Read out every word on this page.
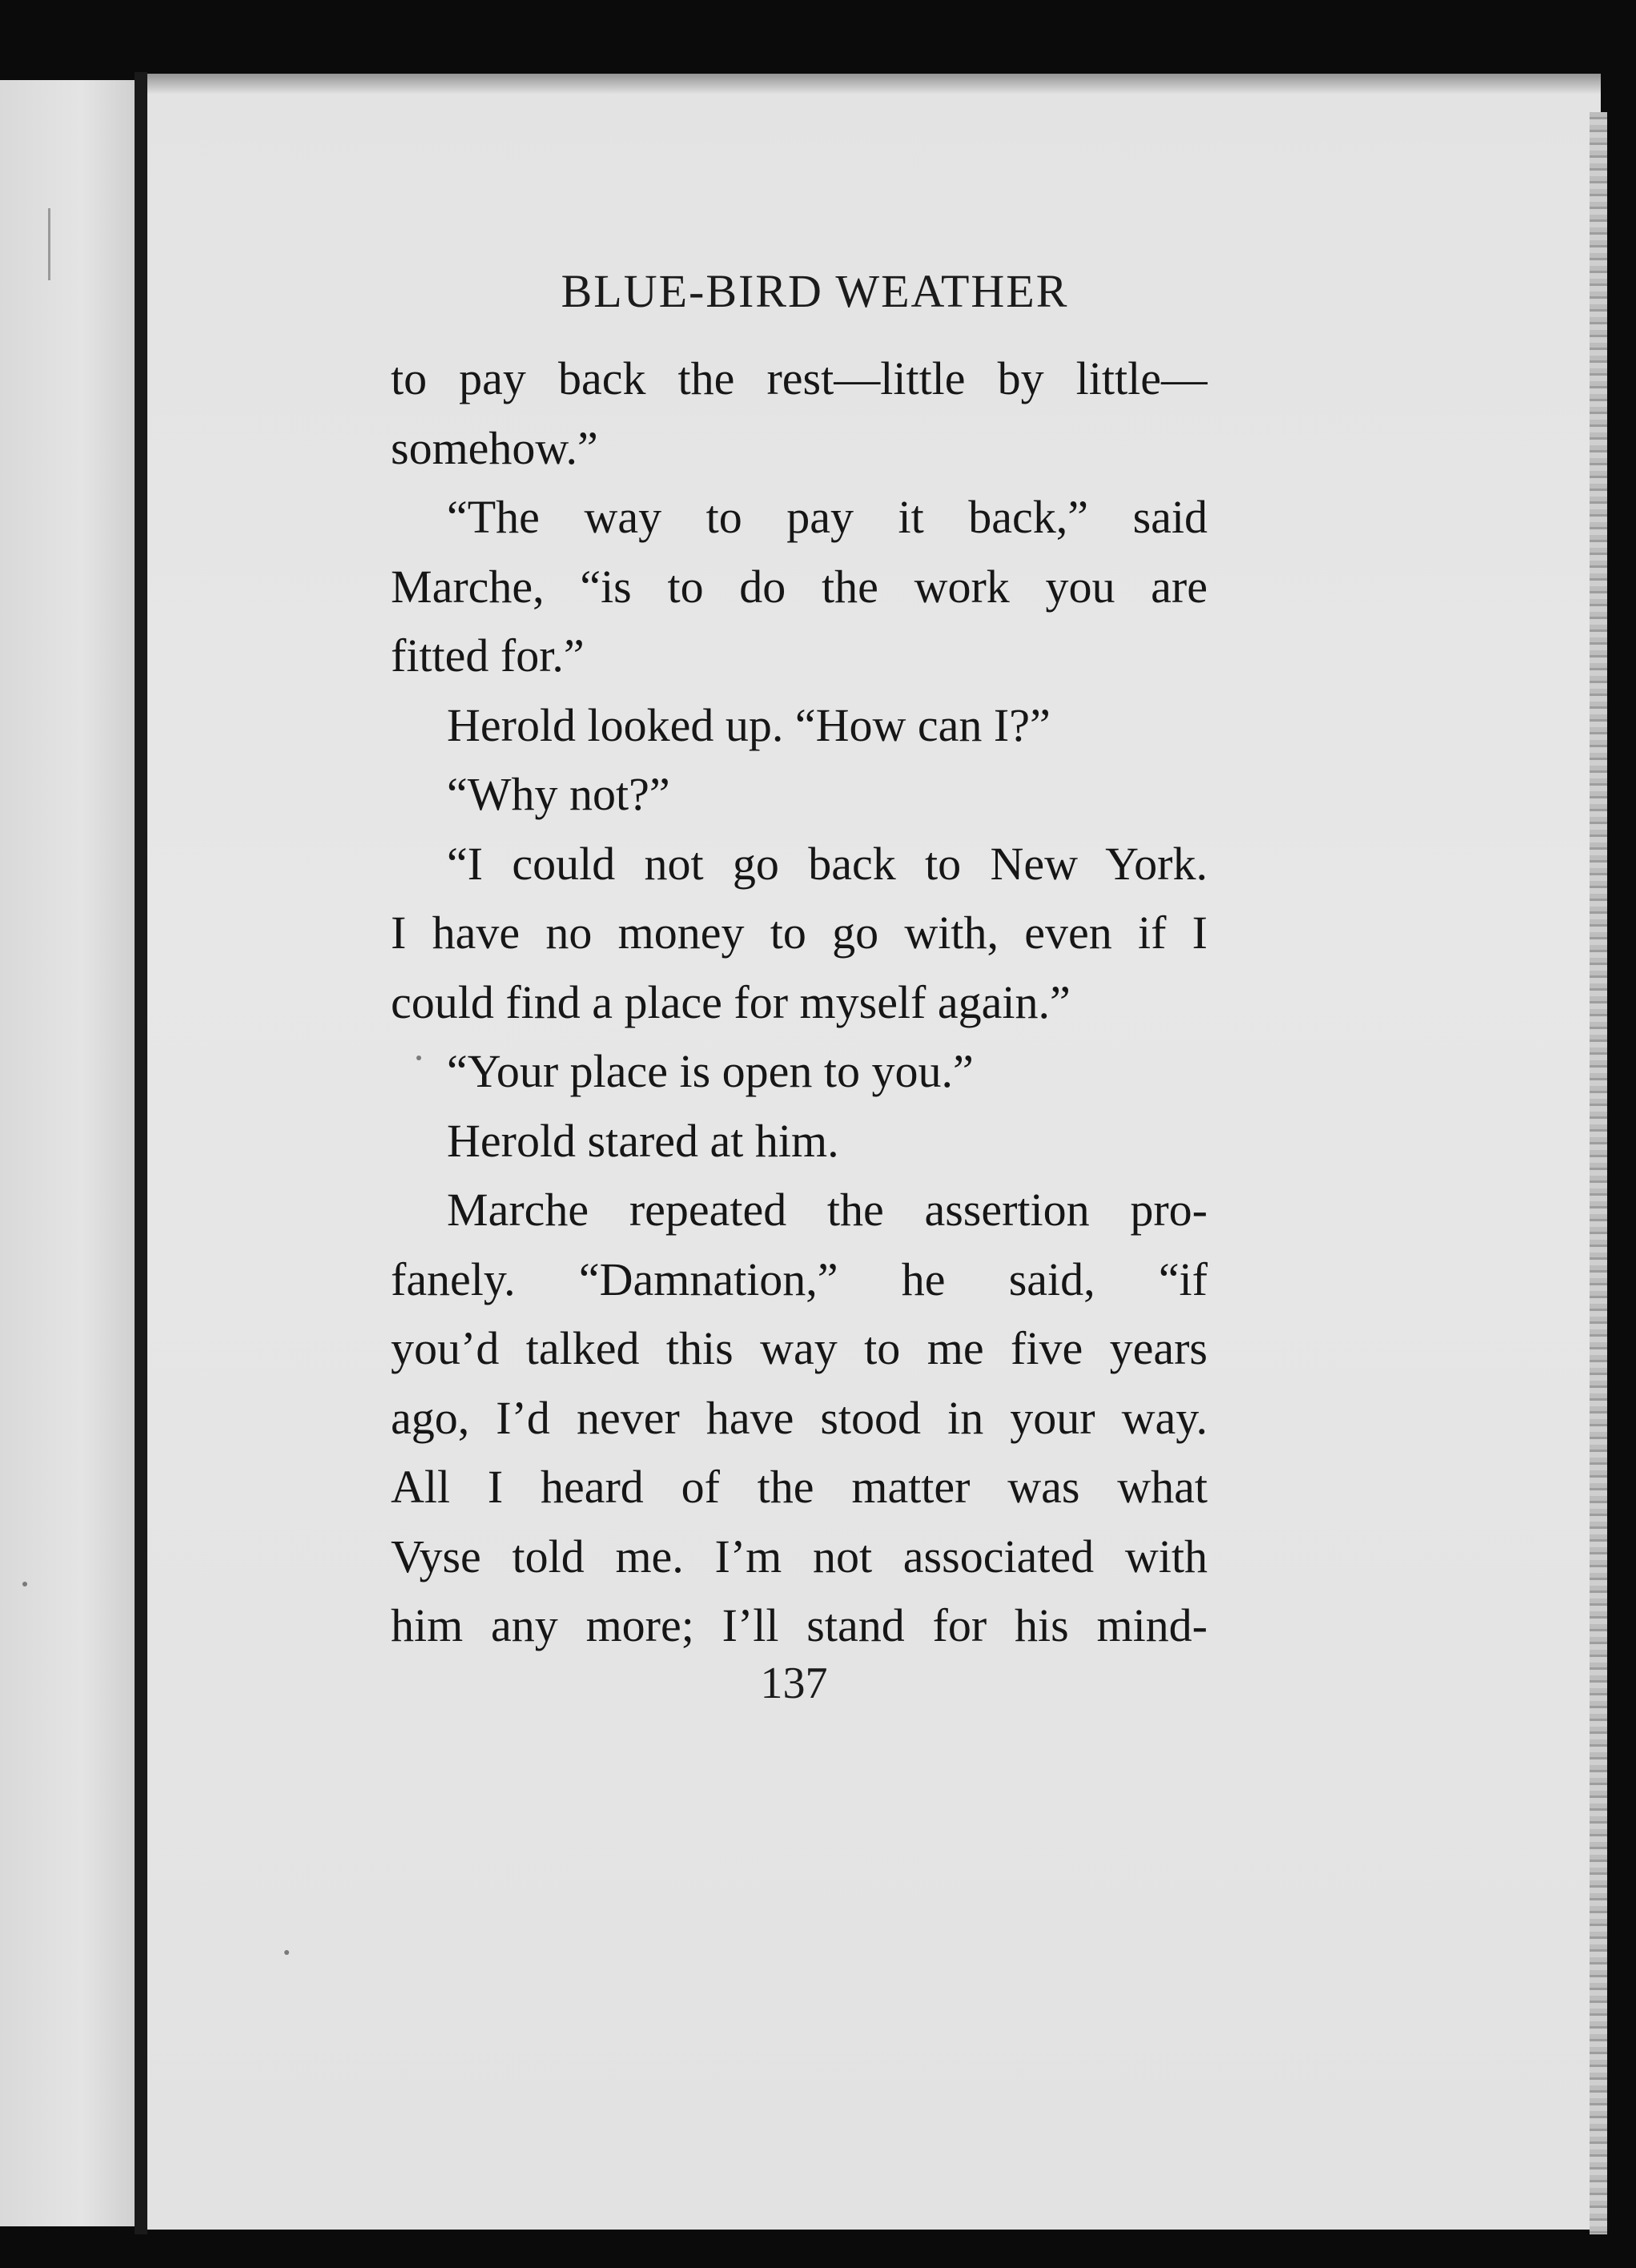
BLUE-BIRD WEATHER
to pay back the rest—little by little—
somehow.”
“The way to pay it back,” said
Marche, “is to do the work you are
fitted for.”
Herold looked up. “How can I?”
“Why not?”
“I could not go back to New York.
I have no money to go with, even if I
could find a place for myself again.”
“Your place is open to you.”
Herold stared at him.
Marche repeated the assertion pro-
fanely. “Damnation,” he said, “if
you’d talked this way to me five years
ago, I’d never have stood in your way.
All I heard of the matter was what
Vyse told me. I’m not associated with
him any more; I’ll stand for his mind-
137
